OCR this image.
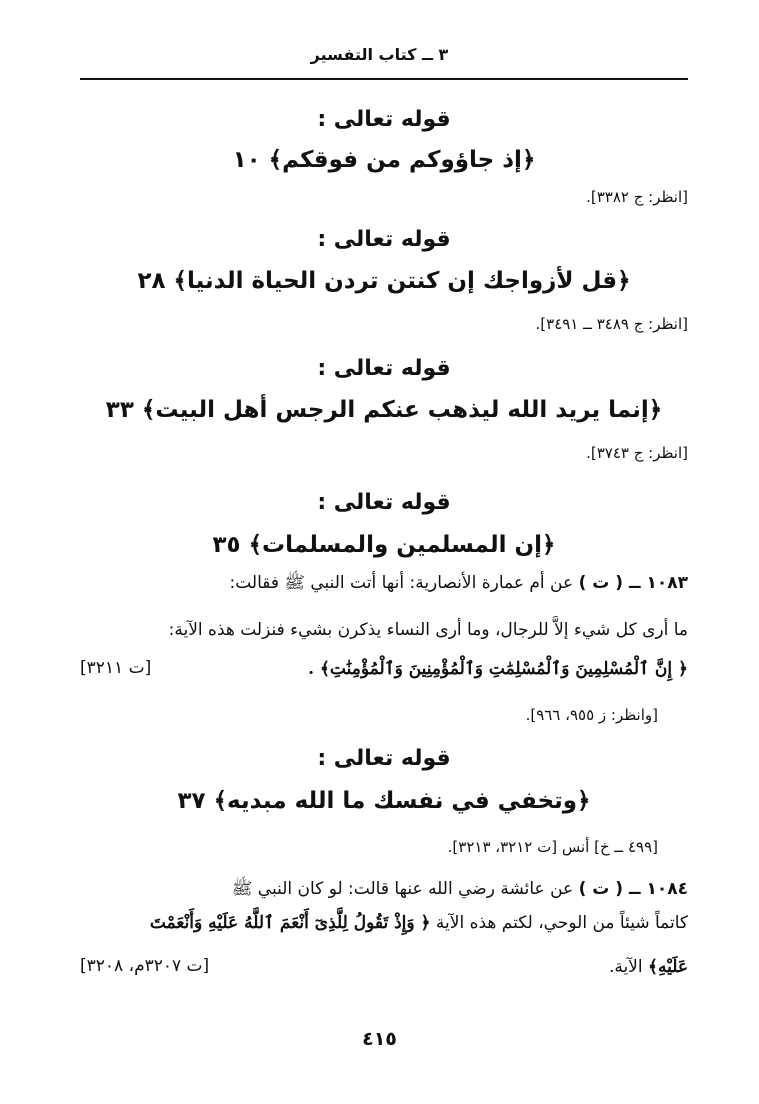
٣ ــ كتاب التفسير
قوله تعالى :
﴿إذ جاؤوكم من فوقكم﴾ ١٠
[انظر: ج ٣٣٨٢].
قوله تعالى :
﴿قل لأزواجك إن كنتن تردن الحياة الدنيا﴾ ٢٨
[انظر: ج ٣٤٨٩ ــ ٣٤٩١].
قوله تعالى :
﴿إنما يريد الله ليذهب عنكم الرجس أهل البيت﴾ ٣٣
[انظر: ج ٣٧٤٣].
قوله تعالى :
﴿إن المسلمين والمسلمات﴾ ٣٥
١٠٨٣ ــ ( ت ) عن أم عمارة الأنصارية: أنها أتت النبي ﷺ فقالت:
ما أرى كل شيء إلاَّ للرجال، وما أرى النساء يذكرن بشيء فنزلت هذه الآية:
﴿ إِنَّ ٱلْمُسْلِمِينَ وَٱلْمُسْلِمَٰتِ وَٱلْمُؤْمِنِينَ وَٱلْمُؤْمِنَٰتِ﴾ .
[ت ٣٢١١]
[وانظر: ز ٩٥٥، ٩٦٦].
قوله تعالى :
﴿وتخفي في نفسك ما الله مبديه﴾ ٣٧
[٤٩٩ ــ خ] أنس [ت ٣٢١٢، ٣٢١٣].
١٠٨٤ ــ ( ت ) عن عائشة رضي الله عنها قالت: لو كان النبي ﷺ
كاتماً شيئاً من الوحي، لكتم هذه الآية ﴿ وَإِذْ تَقُولُ لِلَّذِىٓ أَنْعَمَ ٱللَّهُ عَلَيْهِ وَأَنْعَمْتَ
عَلَيْهِ﴾ الآية.
[ت ٣٢٠٧م، ٣٢٠٨]
٤١٥
